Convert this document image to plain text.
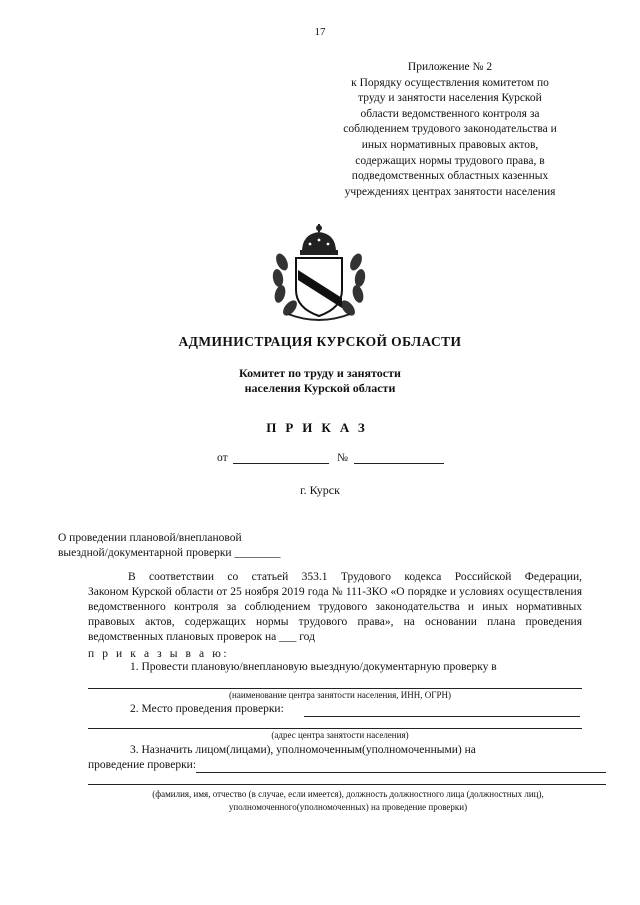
17
Приложение № 2
к Порядку осуществления комитетом по
труду и занятости населения Курской
области ведомственного контроля за
соблюдением трудового законодательства и
иных нормативных правовых актов,
содержащих нормы трудового права, в
подведомственных областных казенных
учреждениях центрах занятости населения
АДМИНИСТРАЦИЯ КУРСКОЙ ОБЛАСТИ
Комитет по труду и занятости
населения Курской области
ПРИКАЗ
от	№
г. Курск
О проведении плановой/внеплановой
выездной/документарной проверки ________
В соответствии со статьей 353.1 Трудового кодекса Российской Федерации,
Законом Курской области от 25 ноября 2019 года № 111-ЗКО «О порядке и условиях осуществления ведомственного контроля за соблюдением трудового законодательства и иных нормативных правовых актов, содержащих нормы трудового права», на основании плана проведения ведомственных плановых проверок на ___ год
п р и к а з ы в а ю:
1. Провести плановую/внеплановую выездную/документарную проверку в
(наименование центра занятости населения, ИНН, ОГРН)
2. Место проведения проверки:
(адрес центра занятости населения)
3. Назначить лицом(лицами), уполномоченным(уполномоченными) на
проведение проверки:
(фамилия, имя, отчество (в случае, если имеется), должность должностного лица (должностных лиц),
уполномоченного(уполномоченных) на проведение проверки)
